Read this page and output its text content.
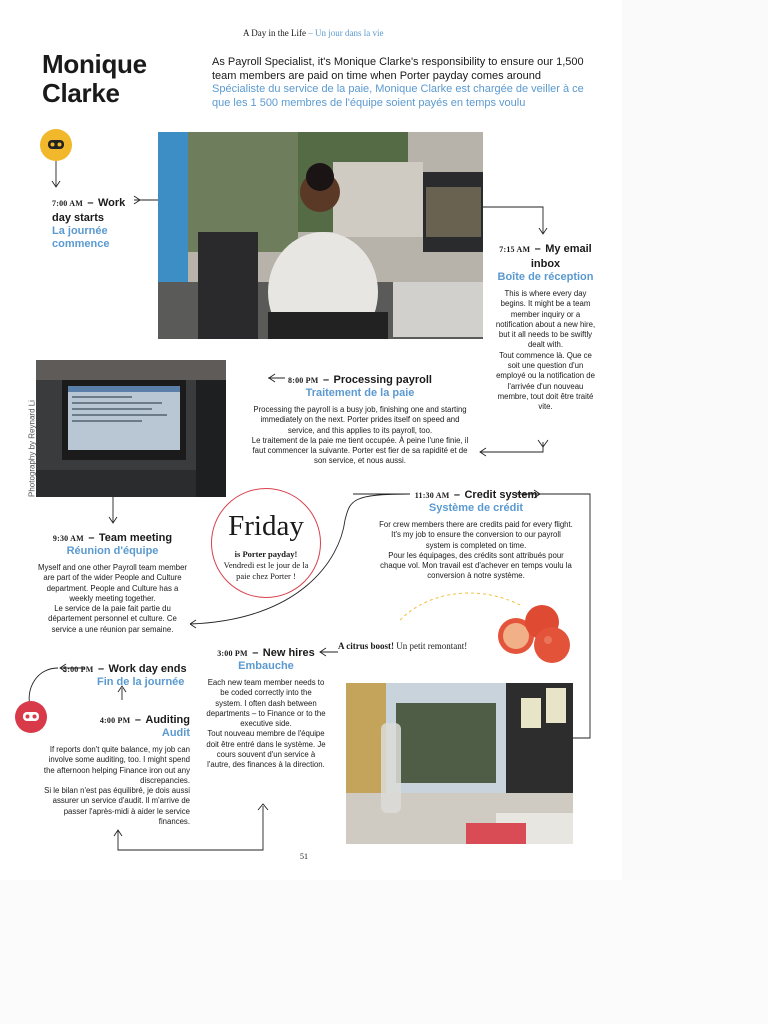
A Day in the Life – Un jour dans la vie
Monique
Clarke
As Payroll Specialist, it's Monique Clarke's responsibility to ensure our 1,500 team members are paid on time when Porter payday comes around
Spécialiste du service de la paie, Monique Clarke est chargée de veiller à ce que les 1 500 membres de l'équipe soient payés en temps voulu
7:00 AM – Work day starts
La journée commence	7:15 AM – My email inbox
Boîte de réception
This is where every day begins. It might be a team member inquiry or a notification about a new hire, but it all needs to be swiftly dealt with.
Tout commence là. Que ce soit une question d'un employé ou la notification de l'arrivée d'un nouveau membre, tout doit être traité vite.
8:00 PM – Processing payroll
Traitement de la paie
Processing the payroll is a busy job, finishing one and starting immediately on the next. Porter prides itself on speed and service, and this applies to its payroll, too.
Le traitement de la paie me tient occupée. À peine l'une finie, il faut commencer la suivante. Porter est fier de sa rapidité et de son service, et nous aussi.
Photography by Reynard Li
Friday
is Porter payday!
Vendredi est le jour de la paie chez Porter !
9:30 AM – Team meeting
Réunion d'équipe
Myself and one other Payroll team member are part of the wider People and Culture department. People and Culture has a weekly meeting together.
Le service de la paie fait partie du département personnel et culture. Ce service a une réunion par semaine.
11:30 AM – Credit system
Système de crédit
For crew members there are credits paid for every flight. It's my job to ensure the conversion to our payroll system is completed on time.
Pour les équipages, des crédits sont attribués pour chaque vol. Mon travail est d'achever en temps voulu la conversion à notre système.
A citrus boost! Un petit remontant!
3:00 PM – New hires
Embauche
Each new team member needs to be coded correctly into the system. I often dash between departments – to Finance or to the executive side.
Tout nouveau membre de l'équipe doit être entré dans le système. Je cours souvent d'un service à l'autre, des finances à la direction.
5:00 PM – Work day ends
Fin de la journée
4:00 PM – Auditing
Audit
If reports don't quite balance, my job can involve some auditing, too. I might spend the afternoon helping Finance iron out any discrepancies.
Si le bilan n'est pas équilibré, je dois aussi assurer un service d'audit. Il m'arrive de passer l'après-midi à aider le service finances.
51
